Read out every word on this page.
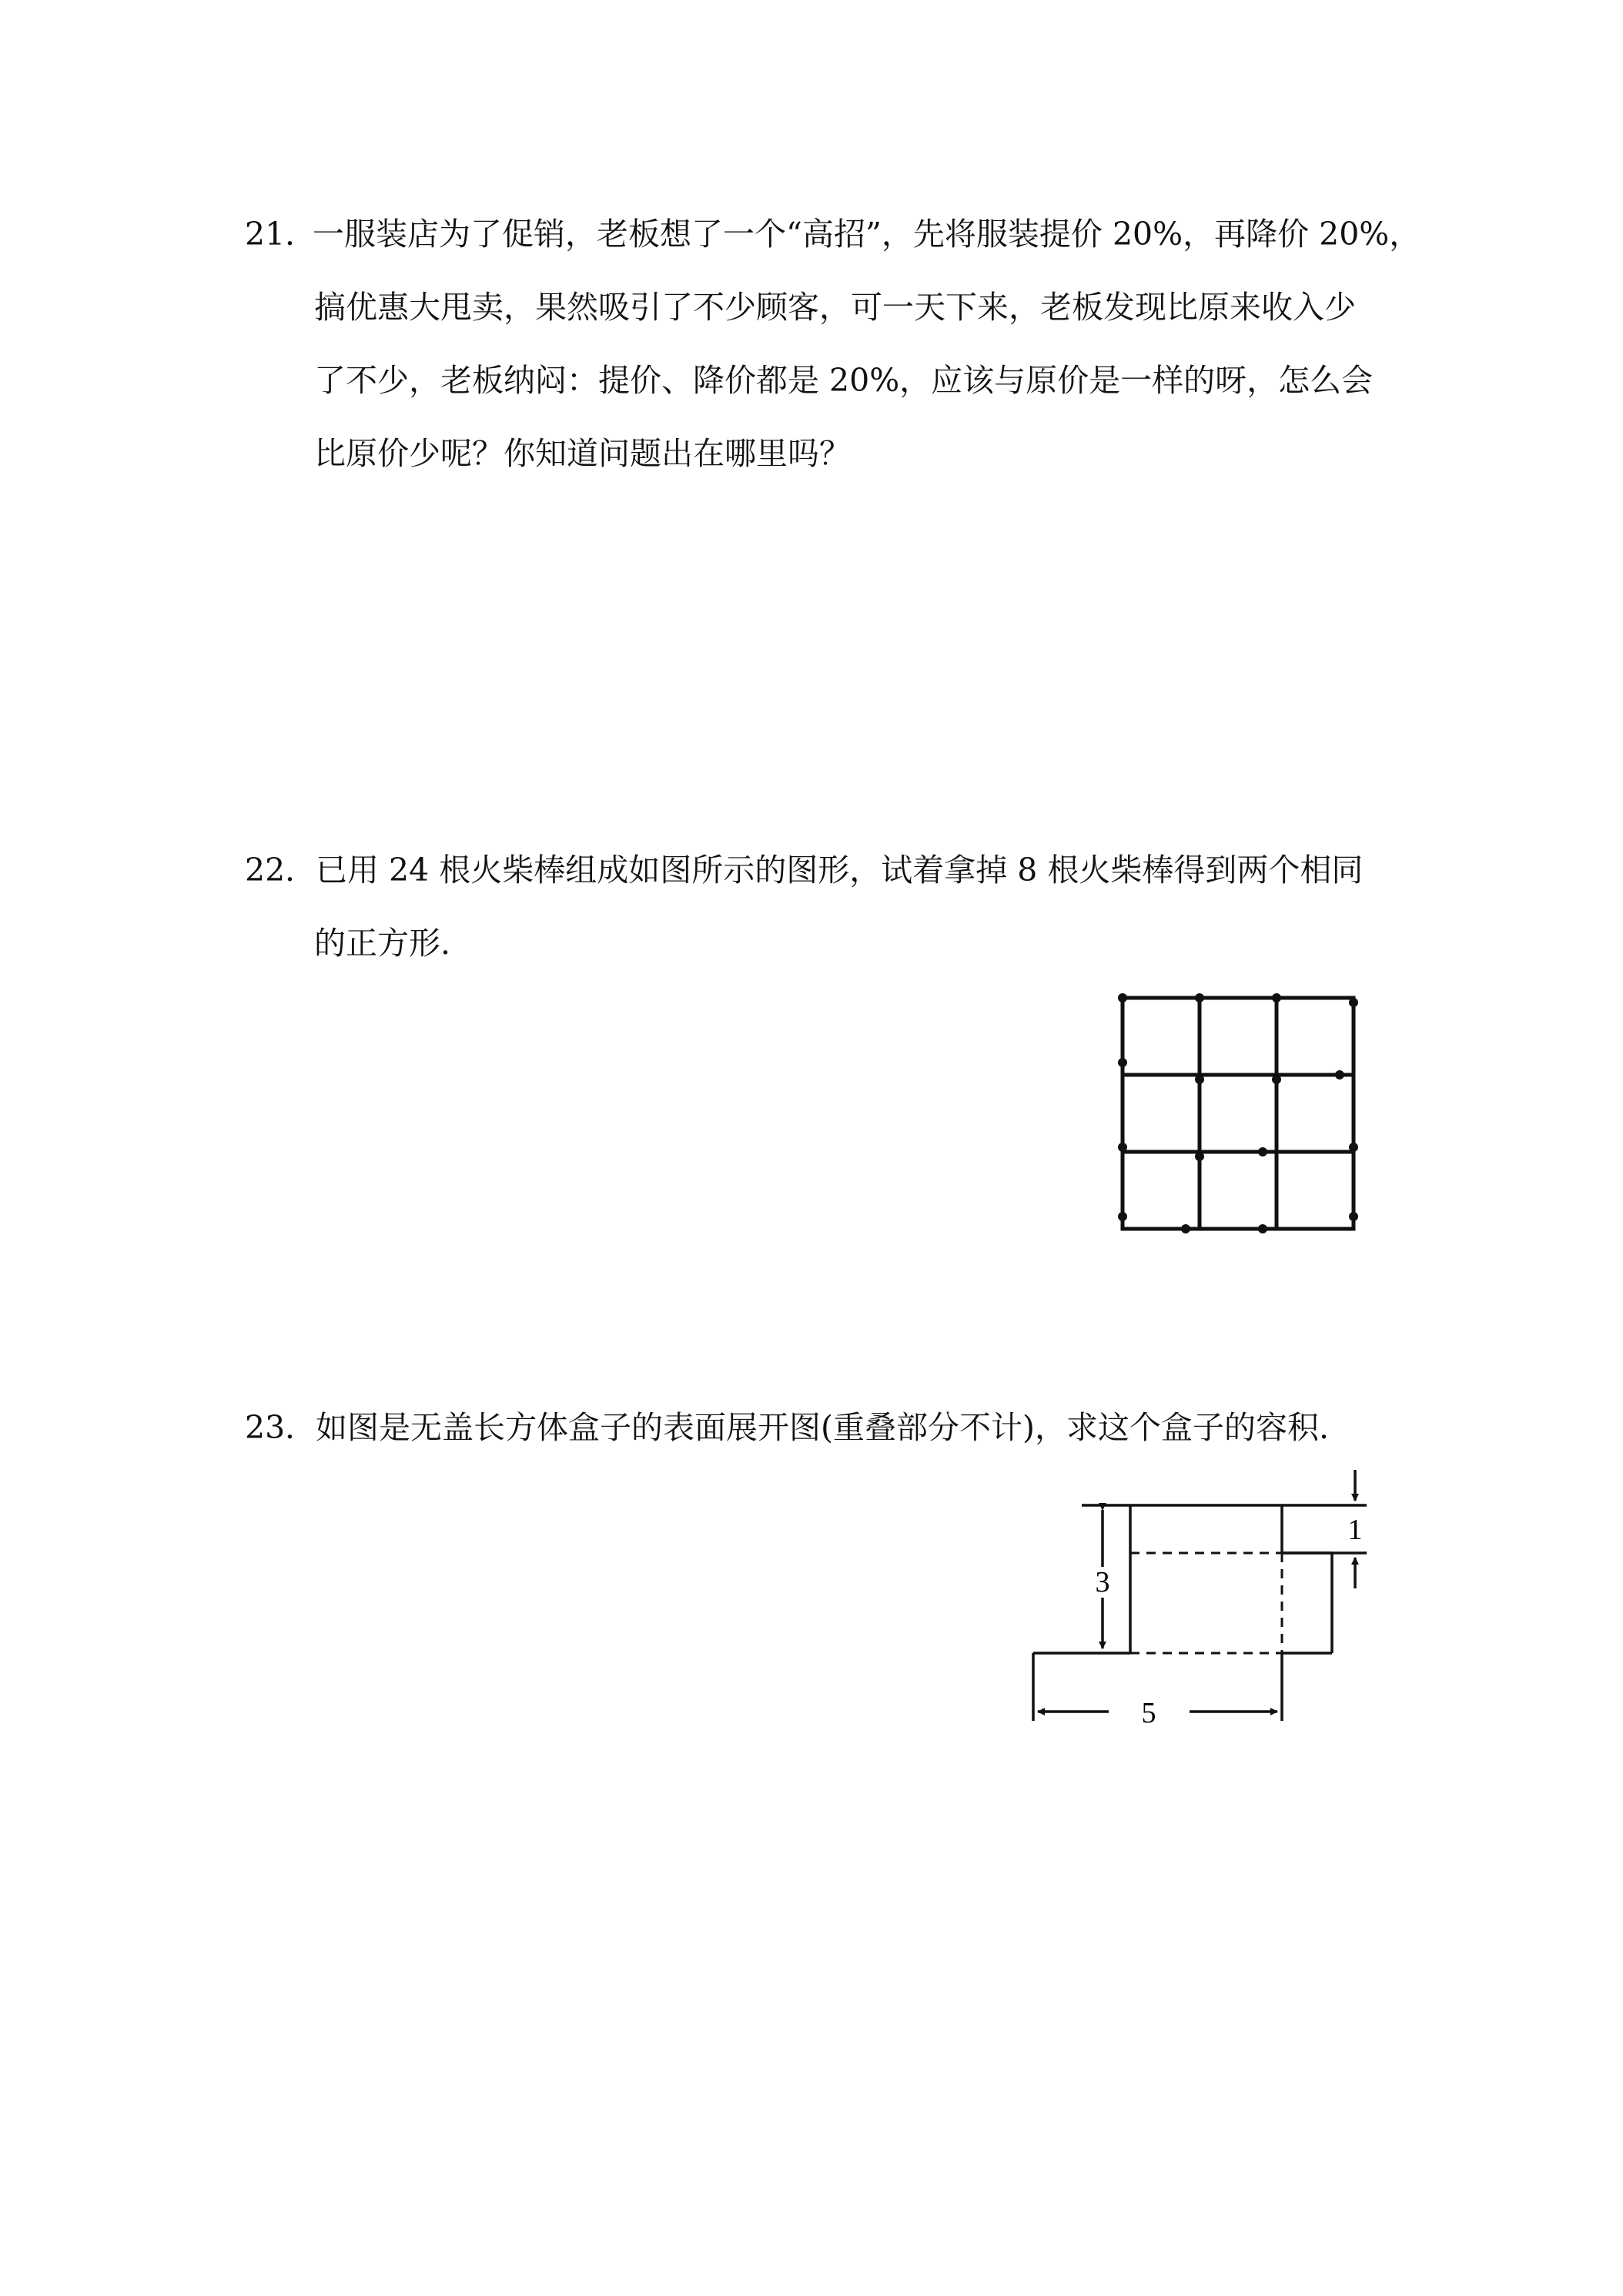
21．
一服装店为了促销，老板想了一个“高招”，先将服装提价 20%，再降价 20%，
搞优惠大甩卖，果然吸引了不少顾客，可一天下来，老板发现比原来收入少
了不少，老板纳闷：提价、降价都是 20%，应该与原价是一样的呀，怎么会
比原价少呢？你知道问题出在哪里吗？
22．
已用 24 根火柴棒组成如图所示的图形，试着拿掉 8 根火柴棒得到两个相同
的正方形.
23．
如图是无盖长方体盒子的表面展开图(重叠部分不计)，求这个盒子的容积.
3
5
1
